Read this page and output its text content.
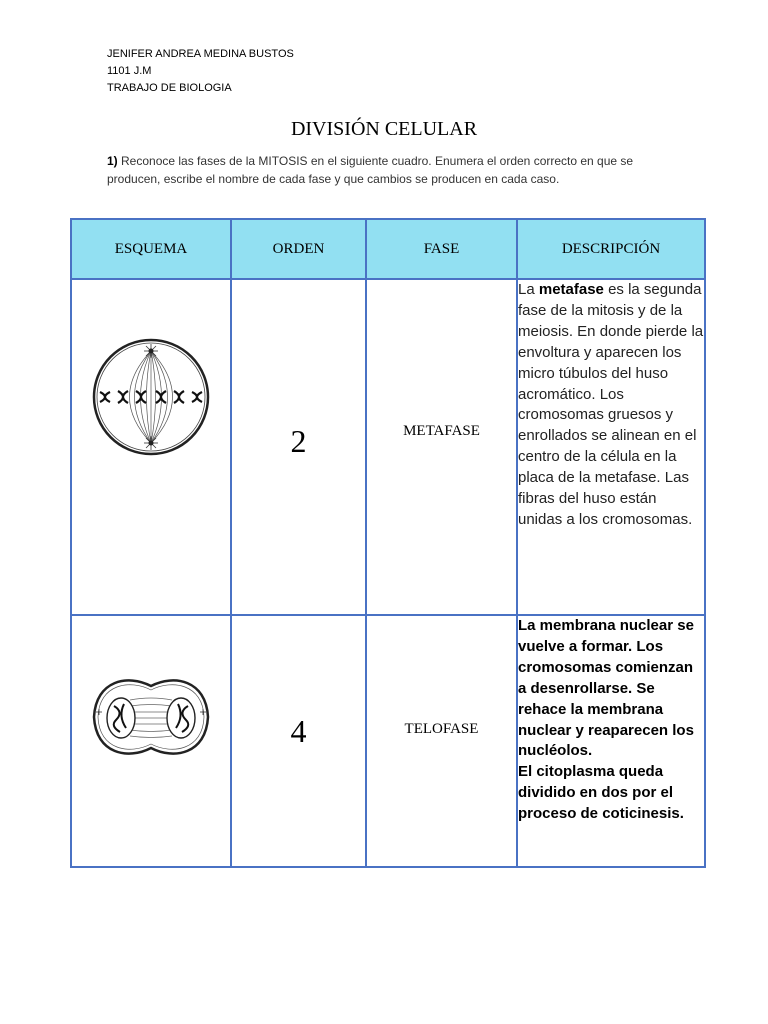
JENIFER ANDREA MEDINA BUSTOS
1101 J.M
TRABAJO DE BIOLOGIA
DIVISIÓN CELULAR
1) Reconoce las fases de la MITOSIS en el siguiente cuadro. Enumera el orden correcto en que se producen, escribe el nombre de cada fase y que cambios se producen en cada caso.
ESQUEMA	ORDEN	FASE	DESCRIPCIÓN
	2	METAFASE	La metafase es la segunda fase de la mitosis y de la meiosis. En donde pierde la envoltura y aparecen los micro túbulos del huso acromático. Los cromosomas gruesos y enrollados se alinean en el centro de la célula en la placa de la metafase. Las fibras del huso están unidas a los cromosomas.
	4	TELOFASE	La membrana nuclear se vuelve a formar. Los cromosomas comienzan a desenrollarse. Se rehace la membrana nuclear y reaparecen los nucléolos.
El citoplasma queda dividido en dos por el proceso de coticinesis.
